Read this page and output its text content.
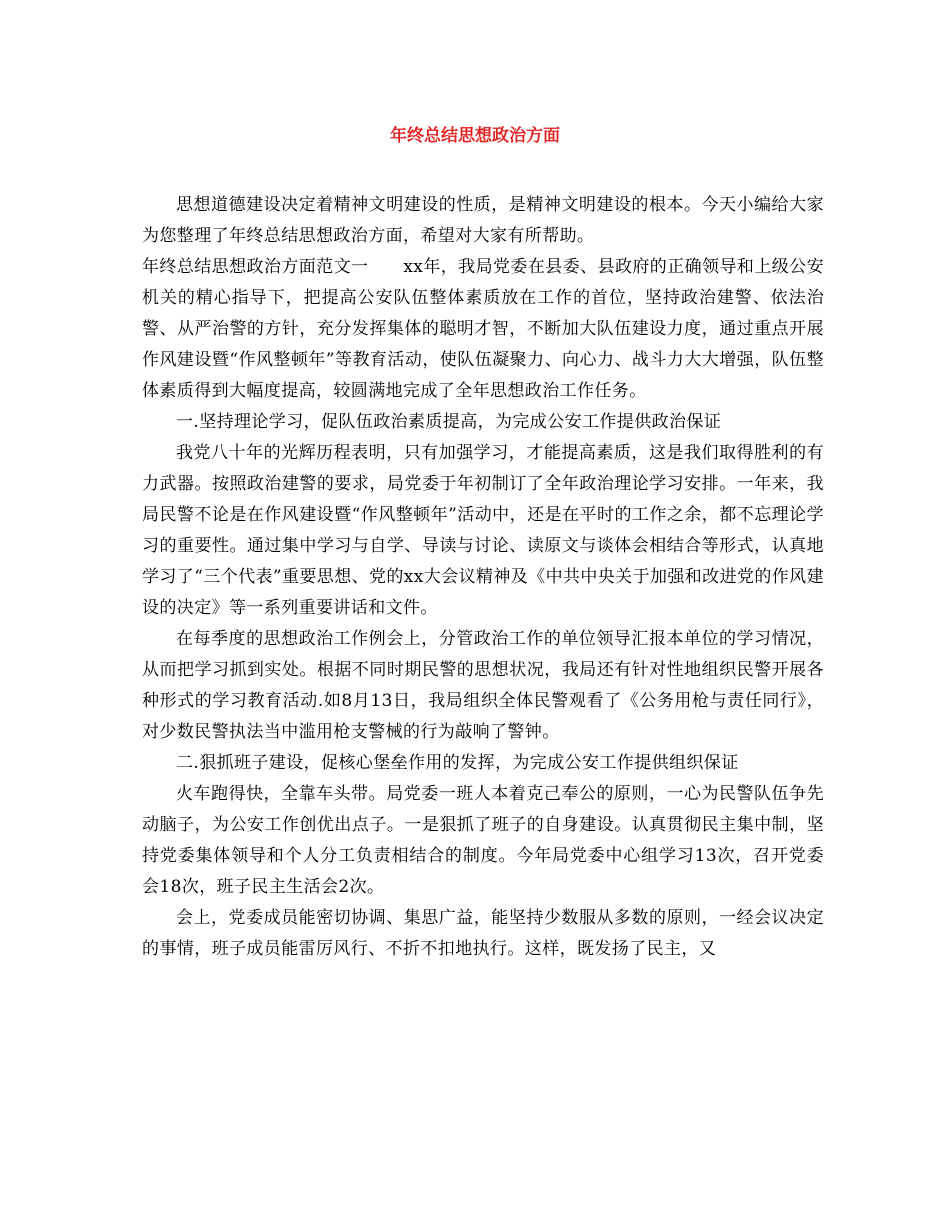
年终总结思想政治方面

思想道德建设决定着精神文明建设的性质，是精神文明建设的根本。今天小编给大家为您整理了年终总结思想政治方面，希望对大家有所帮助。

年终总结思想政治方面范文一　　xx年，我局党委在县委、县政府的正确领导和上级公安机关的精心指导下，把提高公安队伍整体素质放在工作的首位，坚持政治建警、依法治警、从严治警的方针，充分发挥集体的聪明才智，不断加大队伍建设力度，通过重点开展作风建设暨“作风整顿年”等教育活动，使队伍凝聚力、向心力、战斗力大大增强，队伍整体素质得到大幅度提高，较圆满地完成了全年思想政治工作任务。

一.坚持理论学习，促队伍政治素质提高，为完成公安工作提供政治保证

我党八十年的光辉历程表明，只有加强学习，才能提高素质，这是我们取得胜利的有力武器。按照政治建警的要求，局党委于年初制订了全年政治理论学习安排。一年来，我局民警不论是在作风建设暨“作风整顿年”活动中，还是在平时的工作之余，都不忘理论学习的重要性。通过集中学习与自学、导读与讨论、读原文与谈体会相结合等形式，认真地学习了“三个代表”重要思想、党的xx大会议精神及《中共中央关于加强和改进党的作风建设的决定》等一系列重要讲话和文件。

在每季度的思想政治工作例会上，分管政治工作的单位领导汇报本单位的学习情况，从而把学习抓到实处。根据不同时期民警的思想状况，我局还有针对性地组织民警开展各种形式的学习教育活动.如8月13日，我局组织全体民警观看了《公务用枪与责任同行》，对少数民警执法当中滥用枪支警械的行为敲响了警钟。

二.狠抓班子建设，促核心堡垒作用的发挥，为完成公安工作提供组织保证

火车跑得快，全靠车头带。局党委一班人本着克己奉公的原则，一心为民警队伍争先动脑子，为公安工作创优出点子。一是狠抓了班子的自身建设。认真贯彻民主集中制，坚持党委集体领导和个人分工负责相结合的制度。今年局党委中心组学习13次，召开党委会18次，班子民主生活会2次。

会上，党委成员能密切协调、集思广益，能坚持少数服从多数的原则，一经会议决定的事情，班子成员能雷厉风行、不折不扣地执行。这样，既发扬了民主，又
